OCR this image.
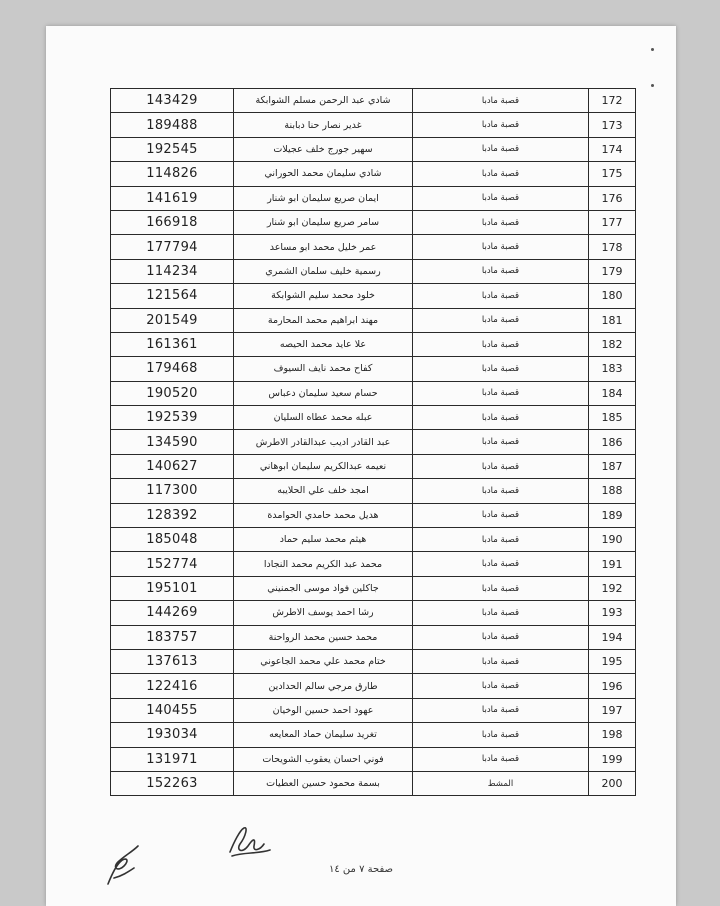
143429	شادي عبد الرحمن مسلم الشوابكة	قصبة مادبا	172
189488	غدير نصار حنا دبابنة	قصبة مادبا	173
192545	سهير جورج خلف عجيلات	قصبة مادبا	174
114826	شادي سليمان محمد الحوراني	قصبة مادبا	175
141619	ايمان صريع سليمان ابو شنار	قصبة مادبا	176
166918	سامر صريع سليمان ابو شنار	قصبة مادبا	177
177794	عمر خليل محمد ابو مساعد	قصبة مادبا	178
114234	رسمية خليف سلمان الشمري	قصبة مادبا	179
121564	خلود محمد سليم الشوابكة	قصبة مادبا	180
201549	مهند ابراهيم محمد المحارمة	قصبة مادبا	181
161361	علا عايد محمد الحيصه	قصبة مادبا	182
179468	كفاح محمد نايف السيوف	قصبة مادبا	183
190520	حسام سعيد سليمان دعباس	قصبة مادبا	184
192539	عبله محمد عطاه السليان	قصبة مادبا	185
134590	عبد القادر اديب عبدالقادر الاطرش	قصبة مادبا	186
140627	نعيمه عبدالكريم سليمان ابوهاني	قصبة مادبا	187
117300	امجد خلف علي الحلايبه	قصبة مادبا	188
128392	هديل محمد حامدي الحوامدة	قصبة مادبا	189
185048	هيثم محمد سليم حماد	قصبة مادبا	190
152774	محمد عبد الكريم محمد النجادا	قصبة مادبا	191
195101	جاكلين فواد موسى الجمنيني	قصبة مادبا	192
144269	رشا احمد يوسف الاطرش	قصبة مادبا	193
183757	محمد حسين محمد الرواحنة	قصبة مادبا	194
137613	ختام محمد علي محمد الجاعوني	قصبة مادبا	195
122416	طارق مرجي سالم الحدادين	قصبة مادبا	196
140455	عهود احمد حسين الوخيان	قصبة مادبا	197
193034	تغريد سليمان حماد المعايعه	قصبة مادبا	198
131971	فوني احسان يعقوب الشويحات	قصبة مادبا	199
152263	بسمة محمود حسين العطيات	المشط	200
صفحة ٧ من ١٤
